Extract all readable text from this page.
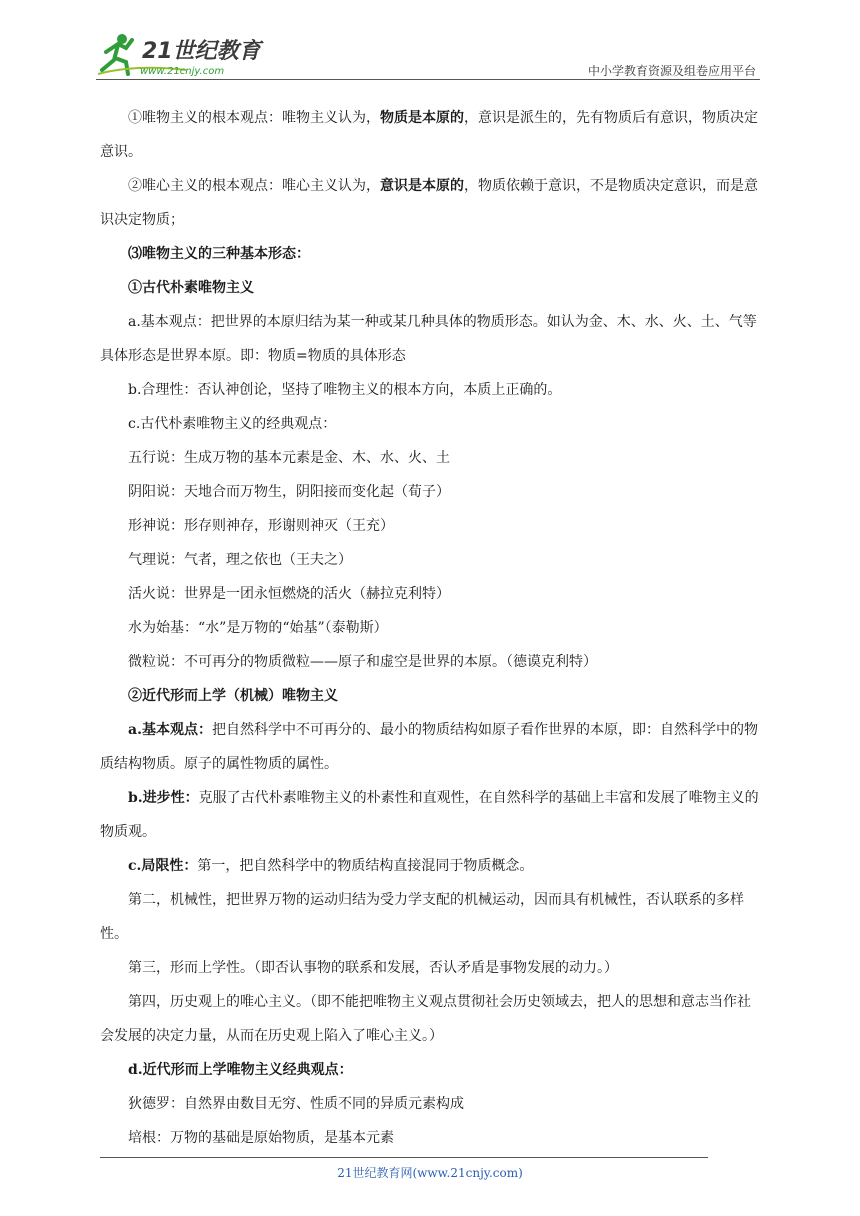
21世纪教育
www.21cnjy.com	中小学教育资源及组卷应用平台

①唯物主义的根本观点：唯物主义认为，物质是本原的，意识是派生的，先有物质后有意识，物质决定意识。

②唯心主义的根本观点：唯心主义认为，意识是本原的，物质依赖于意识，不是物质决定意识，而是意识决定物质；

⑶唯物主义的三种基本形态：

①古代朴素唯物主义

a.基本观点：把世界的本原归结为某一种或某几种具体的物质形态。如认为金、木、水、火、土、气等具体形态是世界本原。即：物质=物质的具体形态

b.合理性：否认神创论，坚持了唯物主义的根本方向，本质上正确的。

c.古代朴素唯物主义的经典观点：

五行说：生成万物的基本元素是金、木、水、火、土

阴阳说：天地合而万物生，阴阳接而变化起（荀子）

形神说：形存则神存，形谢则神灭（王充）

气理说：气者，理之依也（王夫之）

活火说：世界是一团永恒燃烧的活火（赫拉克利特）

水为始基：“水”是万物的“始基”（泰勒斯）

微粒说：不可再分的物质微粒——原子和虚空是世界的本原。（德谟克利特）

②近代形而上学（机械）唯物主义

a.基本观点：把自然科学中不可再分的、最小的物质结构如原子看作世界的本原，即：自然科学中的物质结构物质。原子的属性物质的属性。

b.进步性：克服了古代朴素唯物主义的朴素性和直观性，在自然科学的基础上丰富和发展了唯物主义的物质观。

c.局限性：第一，把自然科学中的物质结构直接混同于物质概念。

第二，机械性，把世界万物的运动归结为受力学支配的机械运动，因而具有机械性，否认联系的多样性。

第三，形而上学性。（即否认事物的联系和发展，否认矛盾是事物发展的动力。）

第四，历史观上的唯心主义。（即不能把唯物主义观点贯彻社会历史领域去，把人的思想和意志当作社会发展的决定力量，从而在历史观上陷入了唯心主义。）

d.近代形而上学唯物主义经典观点：

狄德罗：自然界由数目无穷、性质不同的异质元素构成

培根：万物的基础是原始物质，是基本元素

21世纪教育网(www.21cnjy.com)
